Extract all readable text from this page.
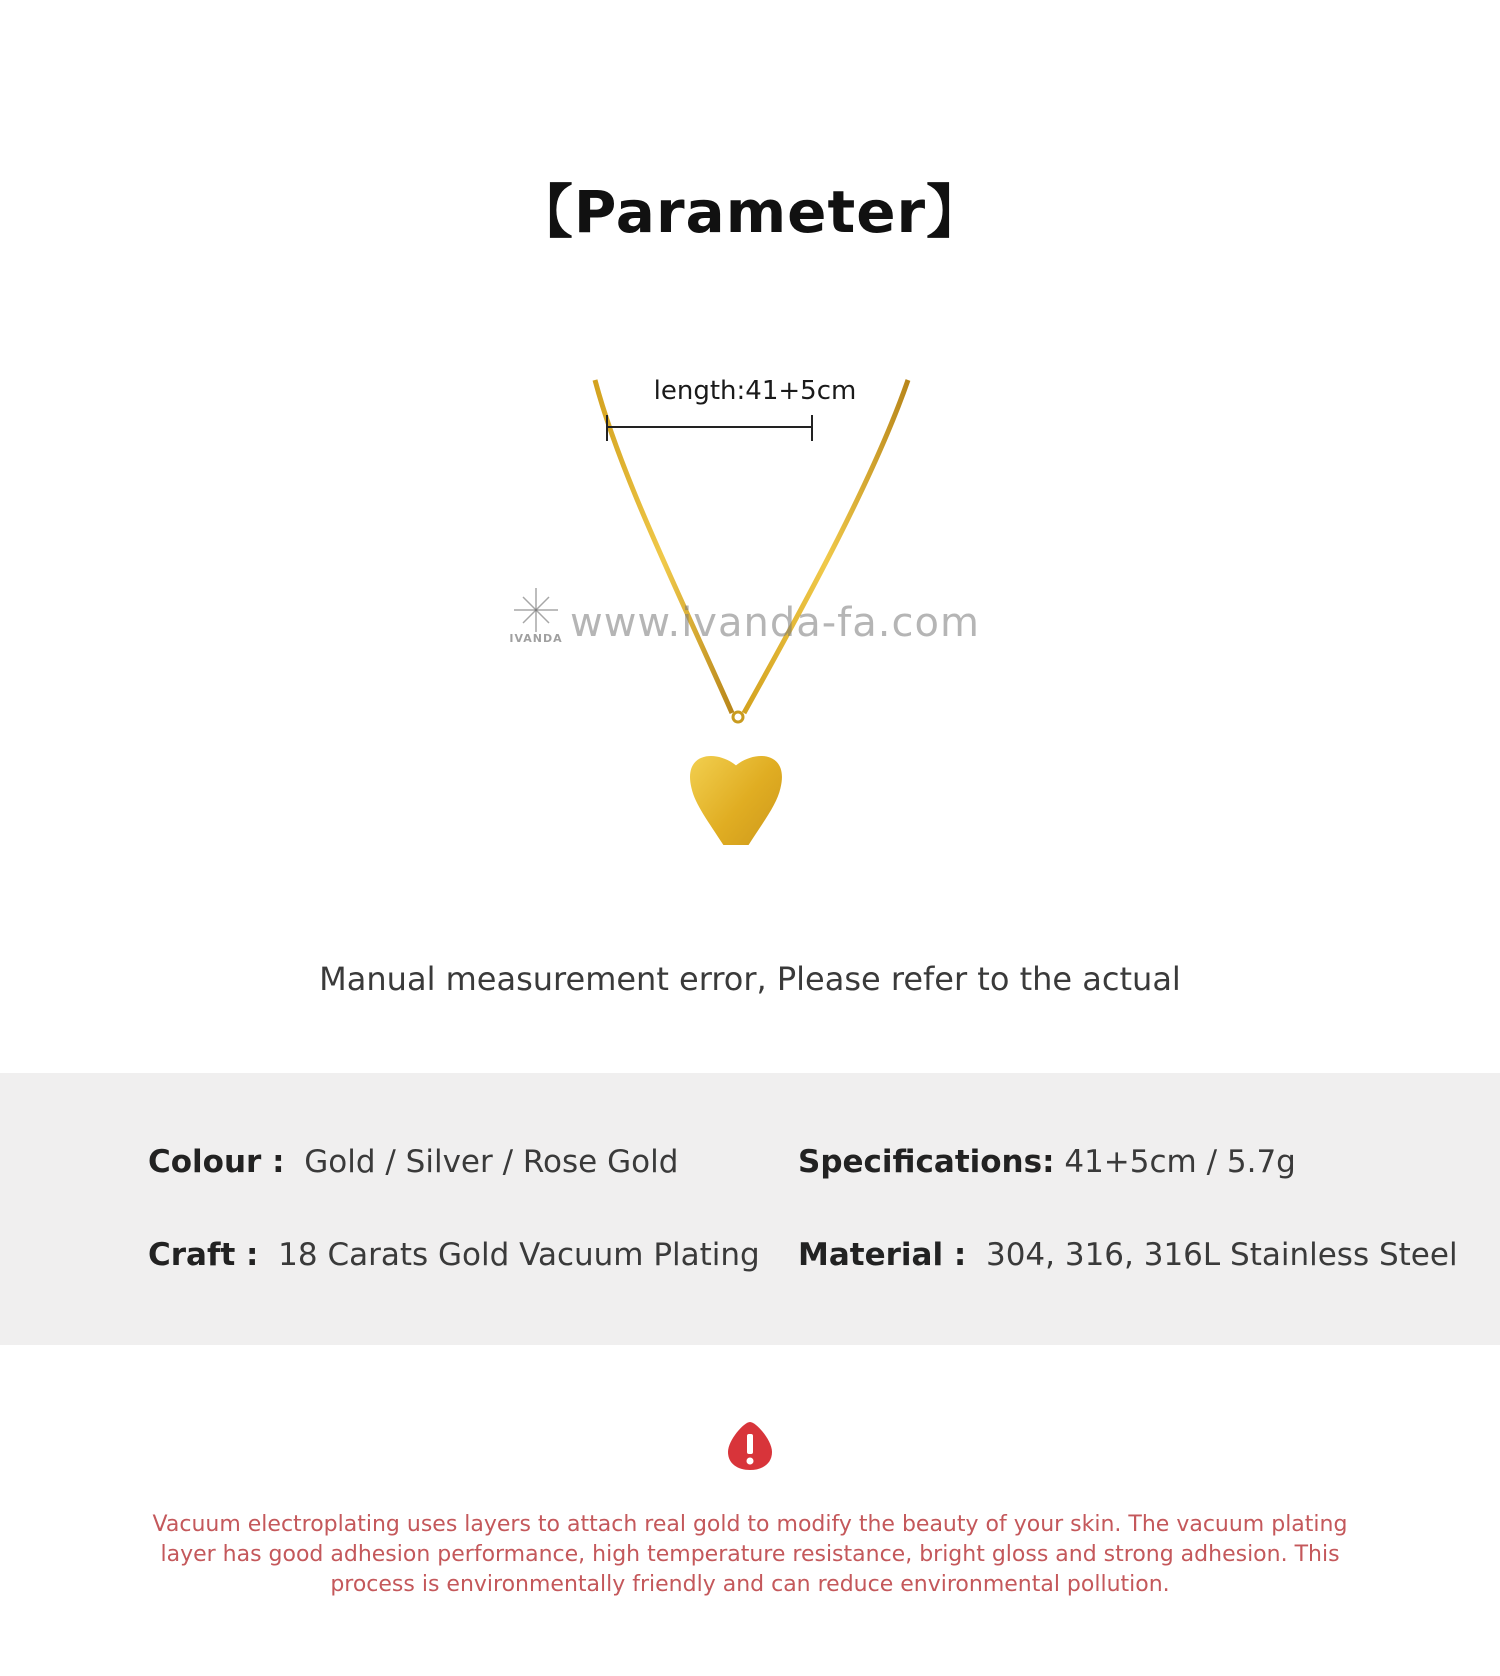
【Parameter】
length:41+5cm
IVANDA www.ivanda-fa.com
Manual measurement error, Please refer to the actual
Colour : Gold / Silver / Rose Gold	Specifications: 41+5cm / 5.7g
Craft : 18 Carats Gold Vacuum Plating Material : 304, 316, 316L Stainless Steel
Vacuum electroplating uses layers to attach real gold to modify the beauty of your skin. The vacuum plating layer has good adhesion performance, high temperature resistance, bright gloss and strong adhesion. This process is environmentally friendly and can reduce environmental pollution.
